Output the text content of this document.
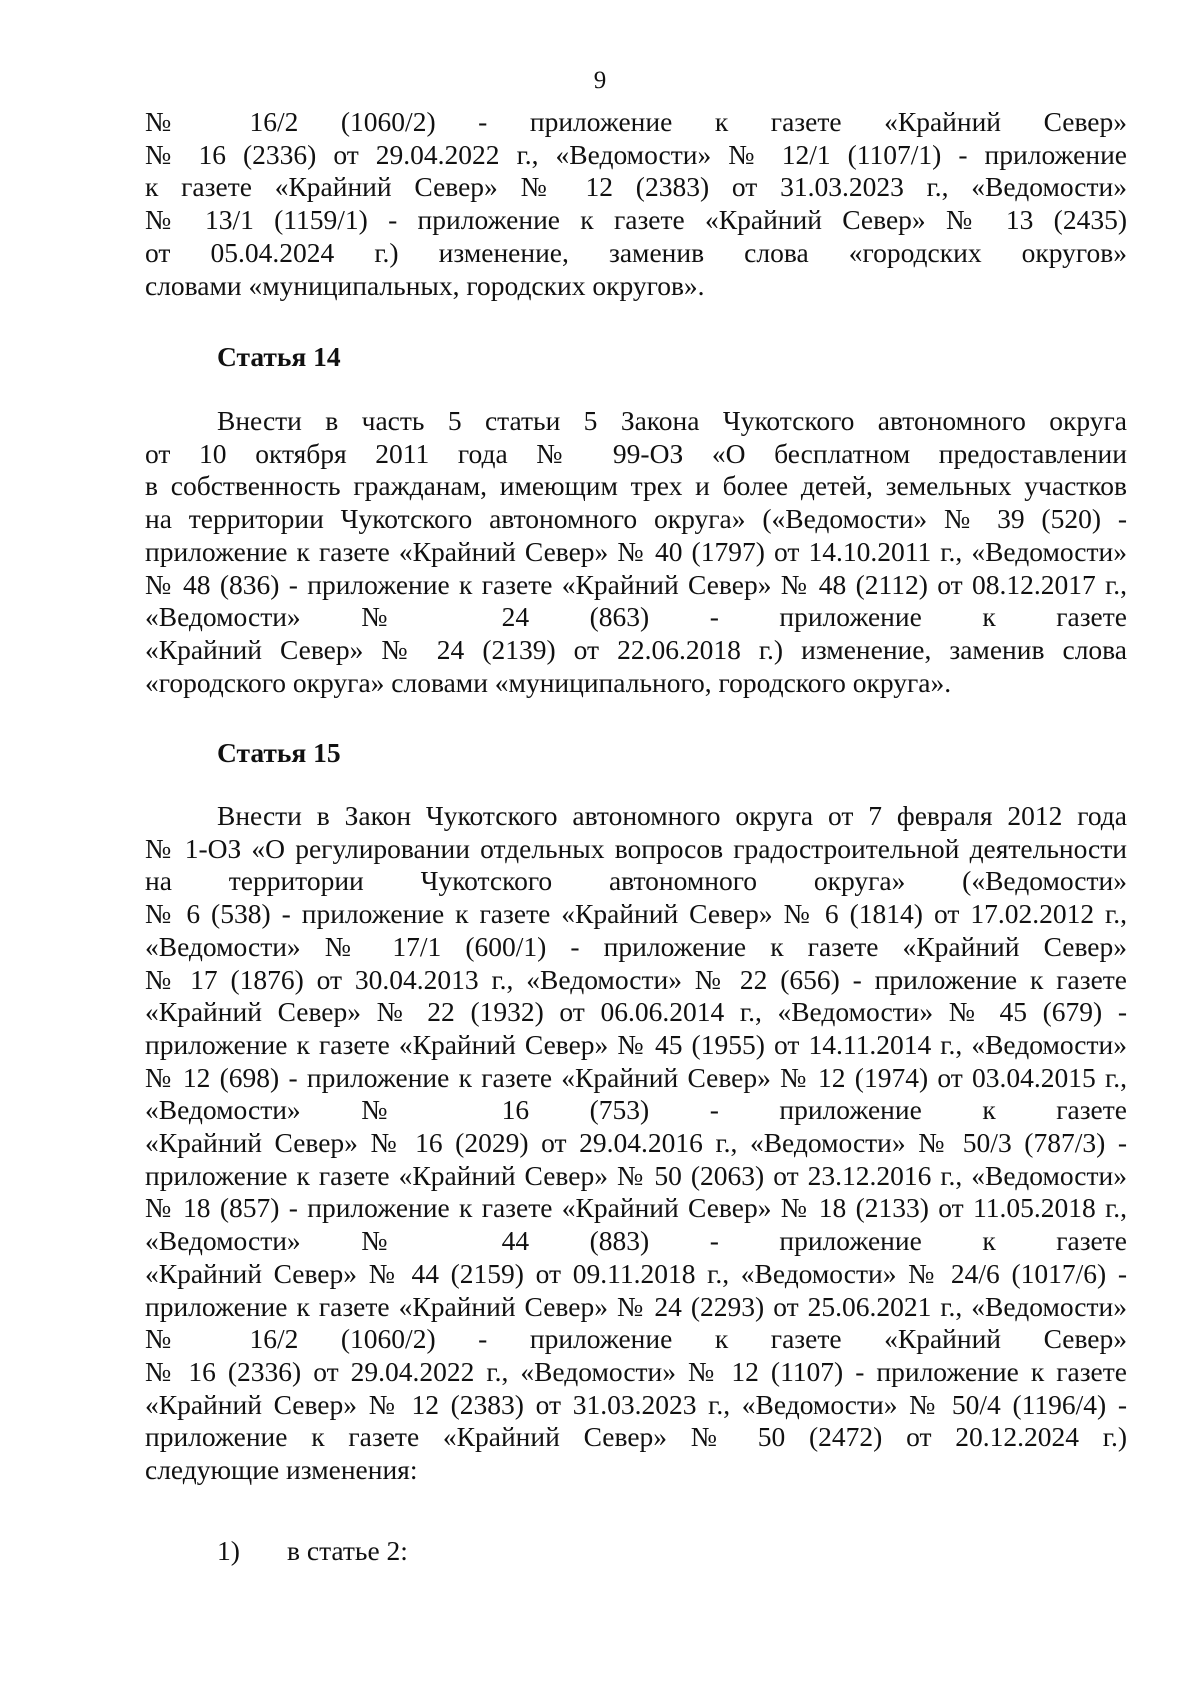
9

№ 16/2 (1060/2) - приложение к газете «Крайний Север»
№ 16 (2336) от 29.04.2022 г., «Ведомости» № 12/1 (1107/1) - приложение
к газете «Крайний Север» № 12 (2383) от 31.03.2023 г., «Ведомости»
№ 13/1 (1159/1) - приложение к газете «Крайний Север» № 13 (2435)
от 05.04.2024 г.) изменение, заменив слова «городских округов»
словами «муниципальных, городских округов».

Статья 14

Внести в часть 5 статьи 5 Закона Чукотского автономного округа
от 10 октября 2011 года № 99-ОЗ «О бесплатном предоставлении
в собственность гражданам, имеющим трех и более детей, земельных участков
на территории Чукотского автономного округа» («Ведомости» № 39 (520) -
приложение к газете «Крайний Север» № 40 (1797) от 14.10.2011 г., «Ведомости»
№ 48 (836) - приложение к газете «Крайний Север» № 48 (2112) от 08.12.2017 г.,
«Ведомости» № 24 (863) - приложение к газете
«Крайний Север» № 24 (2139) от 22.06.2018 г.) изменение, заменив слова
«городского округа» словами «муниципального, городского округа».

Статья 15

Внести в Закон Чукотского автономного округа от 7 февраля 2012 года
№ 1-ОЗ «О регулировании отдельных вопросов градостроительной деятельности
на территории Чукотского автономного округа» («Ведомости»
№ 6 (538) - приложение к газете «Крайний Север» № 6 (1814) от 17.02.2012 г.,
«Ведомости» № 17/1 (600/1) - приложение к газете «Крайний Север»
№ 17 (1876) от 30.04.2013 г., «Ведомости» № 22 (656) - приложение к газете
«Крайний Север» № 22 (1932) от 06.06.2014 г., «Ведомости» № 45 (679) -
приложение к газете «Крайний Север» № 45 (1955) от 14.11.2014 г., «Ведомости»
№ 12 (698) - приложение к газете «Крайний Север» № 12 (1974) от 03.04.2015 г.,
«Ведомости» № 16 (753) - приложение к газете
«Крайний Север» № 16 (2029) от 29.04.2016 г., «Ведомости» № 50/3 (787/3) -
приложение к газете «Крайний Север» № 50 (2063) от 23.12.2016 г., «Ведомости»
№ 18 (857) - приложение к газете «Крайний Север» № 18 (2133) от 11.05.2018 г.,
«Ведомости» № 44 (883) - приложение к газете
«Крайний Север» № 44 (2159) от 09.11.2018 г., «Ведомости» № 24/6 (1017/6) -
приложение к газете «Крайний Север» № 24 (2293) от 25.06.2021 г., «Ведомости»
№ 16/2 (1060/2) - приложение к газете «Крайний Север»
№ 16 (2336) от 29.04.2022 г., «Ведомости» № 12 (1107) - приложение к газете
«Крайний Север» № 12 (2383) от 31.03.2023 г., «Ведомости» № 50/4 (1196/4) -
приложение к газете «Крайний Север» № 50 (2472) от 20.12.2024 г.)
следующие изменения:

1) в статье 2:
